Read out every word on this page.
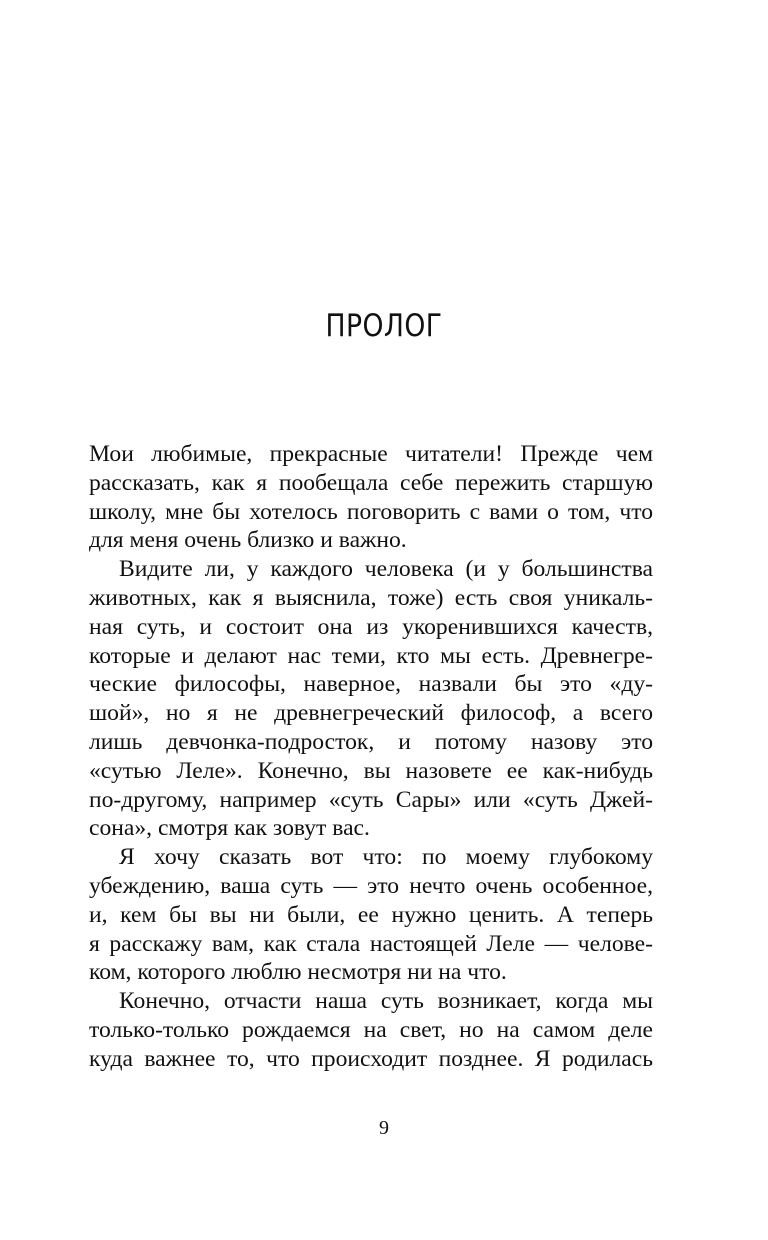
ПРОЛОГ
Мои любимые, прекрасные читатели! Прежде чем
рассказать, как я пообещала себе пережить старшую
школу, мне бы хотелось поговорить с вами о том, что
для меня очень близко и важно.
Видите ли, у каждого человека (и у большинства
животных, как я выяснила, тоже) есть своя уникаль-
ная суть, и состоит она из укоренившихся качеств,
которые и делают нас теми, кто мы есть. Древнегре-
ческие философы, наверное, назвали бы это «ду-
шой», но я не древнегреческий философ, а всего
лишь девчонка-подросток, и потому назову это
«сутью Леле». Конечно, вы назовете ее как-нибудь
по-другому, например «суть Сары» или «суть Джей-
сона», смотря как зовут вас.
Я хочу сказать вот что: по моему глубокому
убеждению, ваша суть — это нечто очень особенное,
и, кем бы вы ни были, ее нужно ценить. А теперь
я расскажу вам, как стала настоящей Леле — челове-
ком, которого люблю несмотря ни на что.
Конечно, отчасти наша суть возникает, когда мы
только-только рождаемся на свет, но на самом деле
куда важнее то, что происходит позднее. Я родилась
9
